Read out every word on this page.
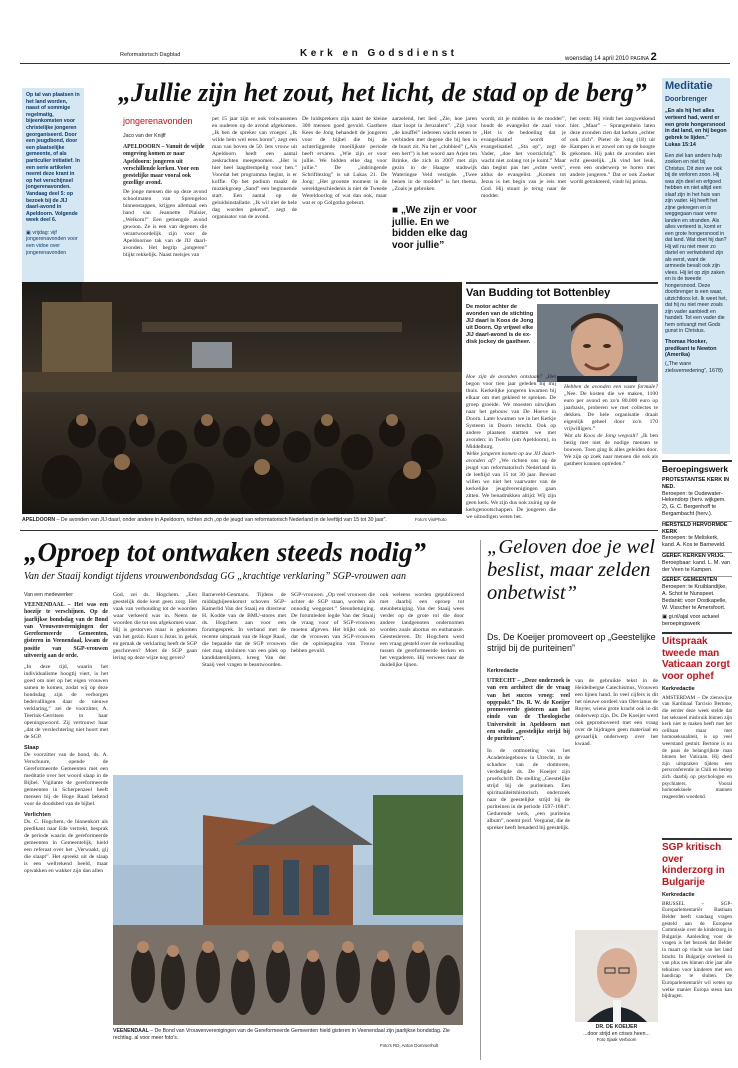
Reformatorisch Dagblad	Kerk en Godsdienst	woensdag 14 april 2010 PAGINA 2
Op tal van plaatsen in het land worden, naast of sommige regelmatig, bijeenkomsten voor christelijke jongeren georganiseerd. Door een jeugdbond, door een plaatselijke gemeente, of als particulier initiatief. In een serie artikelen neemt deze krant in op het verschijnsel jongerenavonden. Vandaag deel 5: op bezoek bij de JIJ daarl-avond in Apeldoorn. Volgende week deel 6.
▣ vrijdag: vijf jongerenavonden voor een vidoe over jongerenavonden
„Jullie zijn het zout, het licht, de stad op de berg”
jongerenavonden
Jaco van der Knijff
APELDOORN – Vanuit de wijde omgeving komen ze naar Apeldoorn: jongeren uit verschillende kerken. Voor een geestelijke maar vooral ook gezellige avond.
De jonge mensen die op deze avond schoolmaten van Sprengeloo binnenstappen, krijgen allemaal een hand van Jeannette Plaisier, „Welkom!” Een gemengde avond gewoon. Ze is een van degenen die verantwoordelijk zijn voor de Apeldoornse tak van de JIJ daarl-avonden. Het begrip „jongeren” blijkt rekkelijk. Naast meisjes van
per 15 jaar zijn er ook volwassenen en ouderen op de avond afgekomen. „Ik ben de spreker van vroeger. „Ik wilde hem wel eens horen”, zegt een man van boven de 50. Iets vrouw uit Apeldoorn heeft een aantal zeskrachten meegenomen. „Het is hier heel laagdrempelig voor hen.” Voordat het programma begint, is er koffie. Op het podium maakt de muziekgroep „Sand” een beginnende start. Een aantal op de geluidsinstallatie. „Ik wil niet de hele dag worden gekend”, zegt de organisator van de avond.
De luidsprekers zijn naast de kleine 300 mensen goed gevuld. Gasthere Kees de Jong behandelt de jongeren voor de bijbel die bij de achterliggende moeilijkste periode heeft ervaren. „Wie zijn er voor jullie. We bidden elke dag voor jullie.” De „indringende Schriftlezing” is uit Lukas 21. De Jong: „Het grootste moment in de wereldgeschiedenis is niet de Tweede Wereldoorlog of wat dan ook, maar wat er op Golgotha gebeurt.
aarzelend, het lied „Zie, hoe jaren daar loopt in Jeruzalem”. „Zijt voor „de knuffel” iedereen wacht eenen te verbinden met degene die bij hen in de buurt zit. Na het „clubbied” („Als een hert”) is het woord aan Arjen ten Brinke, die zich in 2007 met zijn gezin in de Haagse stadswijk Wateringse Veld vestigde. „Twee benen in de modder” is het thema. „Zoals je gebroken
■ „We zijn er voor jullie. En we bidden elke dag voor jullie”
wordt, zit je midden in de modder”, houdt de evangelist de zaal voor. „Het is de bedoeling dat je evangelisatief wordt of evangelisatief. „Sta op”, zegt de Vader, „doe het voorzichtig”. Ik wacht niet zolang tot je komt.” Maar dan begint pas het „echte werk”, aldus de evangelist. „Komen tot Jezus is het begin van je reis met God. Hij stuurt je terug naar de modder.
het centr. Hij vindt het zorgwekkend hier. „Maar” – Sprangenhein laten deze avonden zien dat kerken „echter ook zich”. Pieter de Jong (18) uit Kampen is er zowel om op de hoogte gekomen. Hij pakt de avonden niet echt geestelijk. „Ik vind het leuk, even een onderwerp te horen met andere jongeren.” Dat er ook Zoeker wordt getrakteerd, vindt hij prima.
APELDOORN – De avonden van JIJ daarl, onder andere in Apeldoorn, richten zich „op de jeugd van reformatorisch Nederland in de leeftijd van 15 tot 30 jaar”.	Foto's VisiPhoto
Van Budding tot Bottenbley
De motor achter de avonden van de stichting JIJ daarl is Koos de Jong uit Doorn. Op vrijwel elke JIJ daarl-avond is de ex-disk jockey de gastheer.
Hoe zijn de avonden ontstaan? „Het begon voor tien jaar geleden bij mij thuis. Kerkelijke jongeren kwamen bij elkaar om met gekleed te spreken. De groep groeide. We moesten uitwijken naar het gebouw van De Hoeve in Doorn. Later kwamen we in het Kerkje Systeem in Doorn terecht. Ook op andere plaatsen startten we met avonden: in Twello (om Apeldoorn), in Middelburg.
Welke jongeren komen op uw JIJ daarl-avonden af? „We richten ons op de jeugd van reformatorisch Nederland in de leeftijd van 15 tot 30 jaar. Bewust willen we niet het vaarwater van de kerkelijke jeugdverenigingen gaan zitten. We benadrukken altijd: Wij zijn geen kerk. We zijn dus ook zuinig op de kerkgenootschappen. De jongeren die we uitnodigen weten het.
Hebben de avonden een vaste formule? „Nee. De kosten die we maken, 1100 euro per avond en zo'n 80.000 euro op jaarbasis, proberen we met collectes te dekken. De hele organisatie draait eigenlijk geheel door zo'n 170 vrijwilligers.”
Wat als Koos de Jong wegvalt? „Ik ben bezig met niet de nodige mensen te bouwen. Toen ging ik alles geleiden door. We zijn op zoek naar mensen die ook als gastheer kunnen optreden.”
Meditatie
Doorbrenger
„En als hij het alles verteerd had, werd er een grote hongersnood in dat land, en hij begon gebrek te lijden.”
Lukas 15:14
Een ziel kan anders hulp zoeken en niet bij Christus. Dit zien we ook bij de verloren zoon. Hij was zijn deel en erfgoed hebben en niet altijd een slaaf zijn in het huis van zijn vader. Hij heeft het zijne gekregen en is weggegaan naar verre landen en stranden. Als alles verteerd is, komt er een grote hongersnood in dat land. Wat doet hij dan? Hij wil nu niet meer zo dartel en verkwistend zijn als eerst, want de armoede bevalt ook zijn vlees. Hij let op zijn zaken en is de tweede hongersnood. Deze doorbrenger is een waar, uitzichtloos lot. Ik weet het, dat hij nu niet meer zoals zijn vader aanbiedt en handelt. Tot een vader die hem ontvangt met Gods gunst in Christus.
Thomas Hooker,
predikant te Newton (Amerika)
(„The ware zielsvernedering”, 1678)
Beroepingswerk
PROTESTANTSE KERK IN NED.
Beroepen: te Oudewater-Hekendorp (herv. wijkgem. 2), G. C. Bergenhoff te Bergambacht (herv.).
HERSTELD HERVORMDE KERK
Beroepen: te Meliskerk, kand. A. Kos te Barneveld.
GEREF. KERKEN VRIJG.
Beroepbaar: kand. L. M. van der Veen te Kampen.
GEREF. GEMEENTEN
Beroepen: te Kruiblandijke, A. Schot te Nunspeet. Bedankt: voor Oostkapelle, W. Visscher te Amersfoort.
▣ gi.nl/ajal voor actueel beroepingswerk
Uitspraak tweede man Vaticaan zorgt voor ophef
Kerkredactie
AMSTERDAM – De zienswijze van Kardinaal Tarcisio Bertone, die eerder deze week stelde dat het seksueel misbruik binnen zijn kerk niet te maken heeft met het celibaat maar met homoseksualiteit, is op veel weerstand gestuit. Bertone is nu de paus de belangrijkste man binnen het Vaticaan. Hij deed zijn uitspraken tijdens een persconferentie in Chili en beriep zich daarbij op psychologen en psychiaters. Vooral homoseksuele mannen reageerden woedend.
SGP kritisch over kinderzorg in Bulgarije
Kerkredactie
BRUSSEL – SGP-Europarlementariër Bastiaan Belder heeft vandaag vragen gesteld aan de Europese Commissie over de kinderzorg in Bulgarije. Aanleiding voor de vragen is het bezoek dat Belder in maart op vlucht van het land bracht. In Bulgarije overleed in van plus zes binnen drie jaar alle tehuizen voor kinderen met een handicap te sluiten. De Europarlementariër wil weten op welke manier Europa steun kan bijdragen.
„Oproep tot ontwaken steeds nodig”
Van der Staaij kondigt tijdens vrouwenbondsdag GG „krachtige verklaring” SGP-vrouwen aan
Van een medewerker
VEENENDAAL – Het was een hoezije te verschijnen. Op de jaarlijkse bondsdag van de Bond van Vrouwenverenigingen der Gereformeerde Gemeenten, gisteren in Veenendaal, kwam de positie van SGP-vrouwen uitvoerig aan de orde.
„In deze tijd, waarin het individualisme hoogtij viert, is het goed om niet op het eigen vrouwen samen te komen, zodat wij op deze bondsdag zijn de verborgen bedevallingen daar de nieuwe verklaring,” zei de voorzitter, A. Teerink-Gerritsen in haar openingswoord. Zij vertrouwt haar „dat de verslechtering niet hoort met de SGP.
Slaap
De voorzitter van de bond, ds. A. Verschuure, opende de Gereformeerde Gemeenten met een meditatie over het woord slaap in de Bijbel. Vigilante de gereformeerde gemeenten in Scherpenzeel heeft mensen bij de Hoge Raad bekend voor de doodsbed van de bijbel.
Verlichten
Ds. C. Hogchem, de binnenkort als predikant naar Ede vertrekt, besprak de periode waarin de gereformeerde gemeenten in Gemeentelijk, hield een referaat over het „Verwaakt, gij die slaapt”. Het spreekt uit de slaap is een wellrekend beeld, maar opwakken en wakker zijn dan allen
God, zei ds. Hogchem. „Een geestelijk dode kent geen zorg. Het vaak van verhouding tot de woorden waar verkeerd was in. Neem de woorden die tot ons afgekomen waar. Hij is gestorven maar is gekomen van het gezin. Kunt u Jezus in geluk en gemak de verklaring heeft de SGP geschreven? Moet de SGP gaan lering op deze wijze nog geven?
Barneveld-Genmans. Tijdens de middagbijeenkomst schoven SGP-Kamerlid Van der Staaij en directeur H. Kodde van de BMU-stores met ds. Hogchem aan voor een forumgesprek. In verband met de recente uitspraak van de Hoge Raad, die bepaalde dat de SGP vrouwen niet mag uitsluiten van een plek op kandidatenlijsten, kreeg Van der Staaij veel vragen te beantwoorden.
SGP-vrouwen. „Op veel vrouwen die achter de SGP staan, worden als onnodig weggezet.” Steunbetuiging. De forumleden legde Van der Staaij de vraag voor of SGP-vrouwen moeten afgeven. Het blijkt ook zo dat de vrouwen van SGP-vrouwen die de opiniepagina van Trouw hebben gevuld.
ook weleens worden gepubliceerd met daarbij een oproep tot steunbetuiging. Van der Staaij wees verder op de grote rol die door andere landgenoten ondernomen worden zoals abortus en euthanasie. Geestesleven. Dr. Hogchem werd een vraag gesteld over de verhouding tussen de gereformeerde kerken en het vergaderen. Hij verwees naar de duidelijke lijnen.
VEENENDAAL – De Bond van Vrouwenverenigingen van de Gereformeerde Gemeenten hield gisteren in Veenendaal zijn jaarlijkse bondsdag. Zie rechtlag. al voor meer foto's.
Foto's RD, Anton Dommerholt
„Geloven doe je wel beslist, maar zelden onbetwist”
Ds. De Koeijer promoveert op „Geestelijke strijd bij de puriteinen”
Kerkredactie
UTRECHT – „Deze onderzoek is van een architect die de vraag van het succes vroeg: veel opgepakt.” Ds. R. W. de Koeijer promoveerde gisteren aan het einde van de Theologische Universiteit in Apeldoorn met een studie „geestelijke strijd bij de puriteinen”.
In de ontmoeting van het Academiegebouw in Utrecht, in de schaduw van de domtoren, verdedigde ds. De Koeijer zijn proefschrift. De stelling „Geestelijke strijd bij de puriteinen. Een spiritualiteitshistorisch onderzoek naar de geestelijke strijd bij de puriteinen in de periode 1597-1684”. Gedurende werk, „een puriteins album”, noemt prof. Vergunst, die de spreker heeft benaderd bij geestelijk.
van de gebruikte tekst in de Heidelbergse Catechismus, Vrouwen een lijnen hand. In veel cijfers is dit het nieuwe oordeel van Olevianus de Ruyter, wiens grote kracht ook in dit onderwerp zijn. Ds. De Koeijer werd ook gepromoveerd met een vraag over de bijdragen geen materiaal en gevaarlijk onderwerp over het kwaad.
DR. DE KOEIJER
...door strijd en crises heen...
Foto Sjaak Verboom
